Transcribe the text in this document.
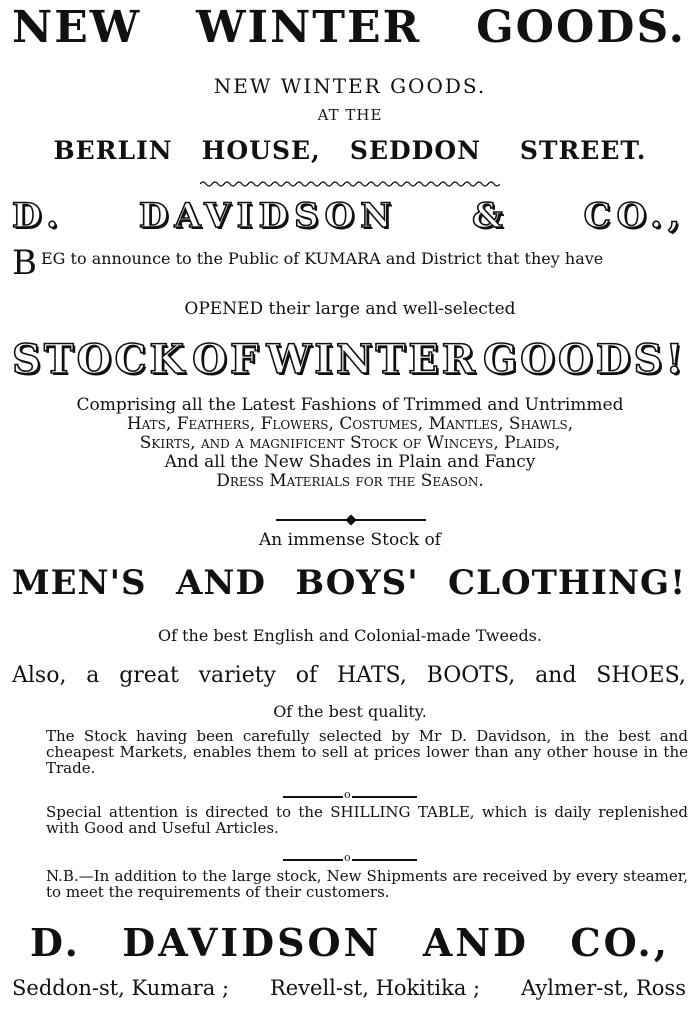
NEW WINTER GOODS.
NEW WINTER GOODS.
AT THE
BERLIN HOUSE, SEDDON STREET.
D. DAVIDSON & CO.,
BEG to announce to the Public of KUMARA and District that they have
OPENED their large and well-selected
STOCK OF WINTER GOODS!
Comprising all the Latest Fashions of Trimmed and Untrimmed
Hats, Feathers, Flowers, Costumes, Mantles, Shawls,
Skirts, and a magnificent Stock of Winceys, Plaids,
And all the New Shades in Plain and Fancy
Dress Materials for the Season.
An immense Stock of
MEN'S AND BOYS' CLOTHING!
Of the best English and Colonial-made Tweeds.
Also, a great variety of HATS, BOOTS, and SHOES,
Of the best quality.
The Stock having been carefully selected by Mr D. Davidson, in the best and cheapest Markets, enables them to sell at prices lower than any other house in the Trade.
o
Special attention is directed to the SHILLING TABLE, which is daily replenished with Good and Useful Articles.
o
N.B.—In addition to the large stock, New Shipments are received by every steamer, to meet the requirements of their customers.
D. DAVIDSON AND CO.,
Seddon-st, Kumara ; Revell-st, Hokitika ; Aylmer-st, Ross
